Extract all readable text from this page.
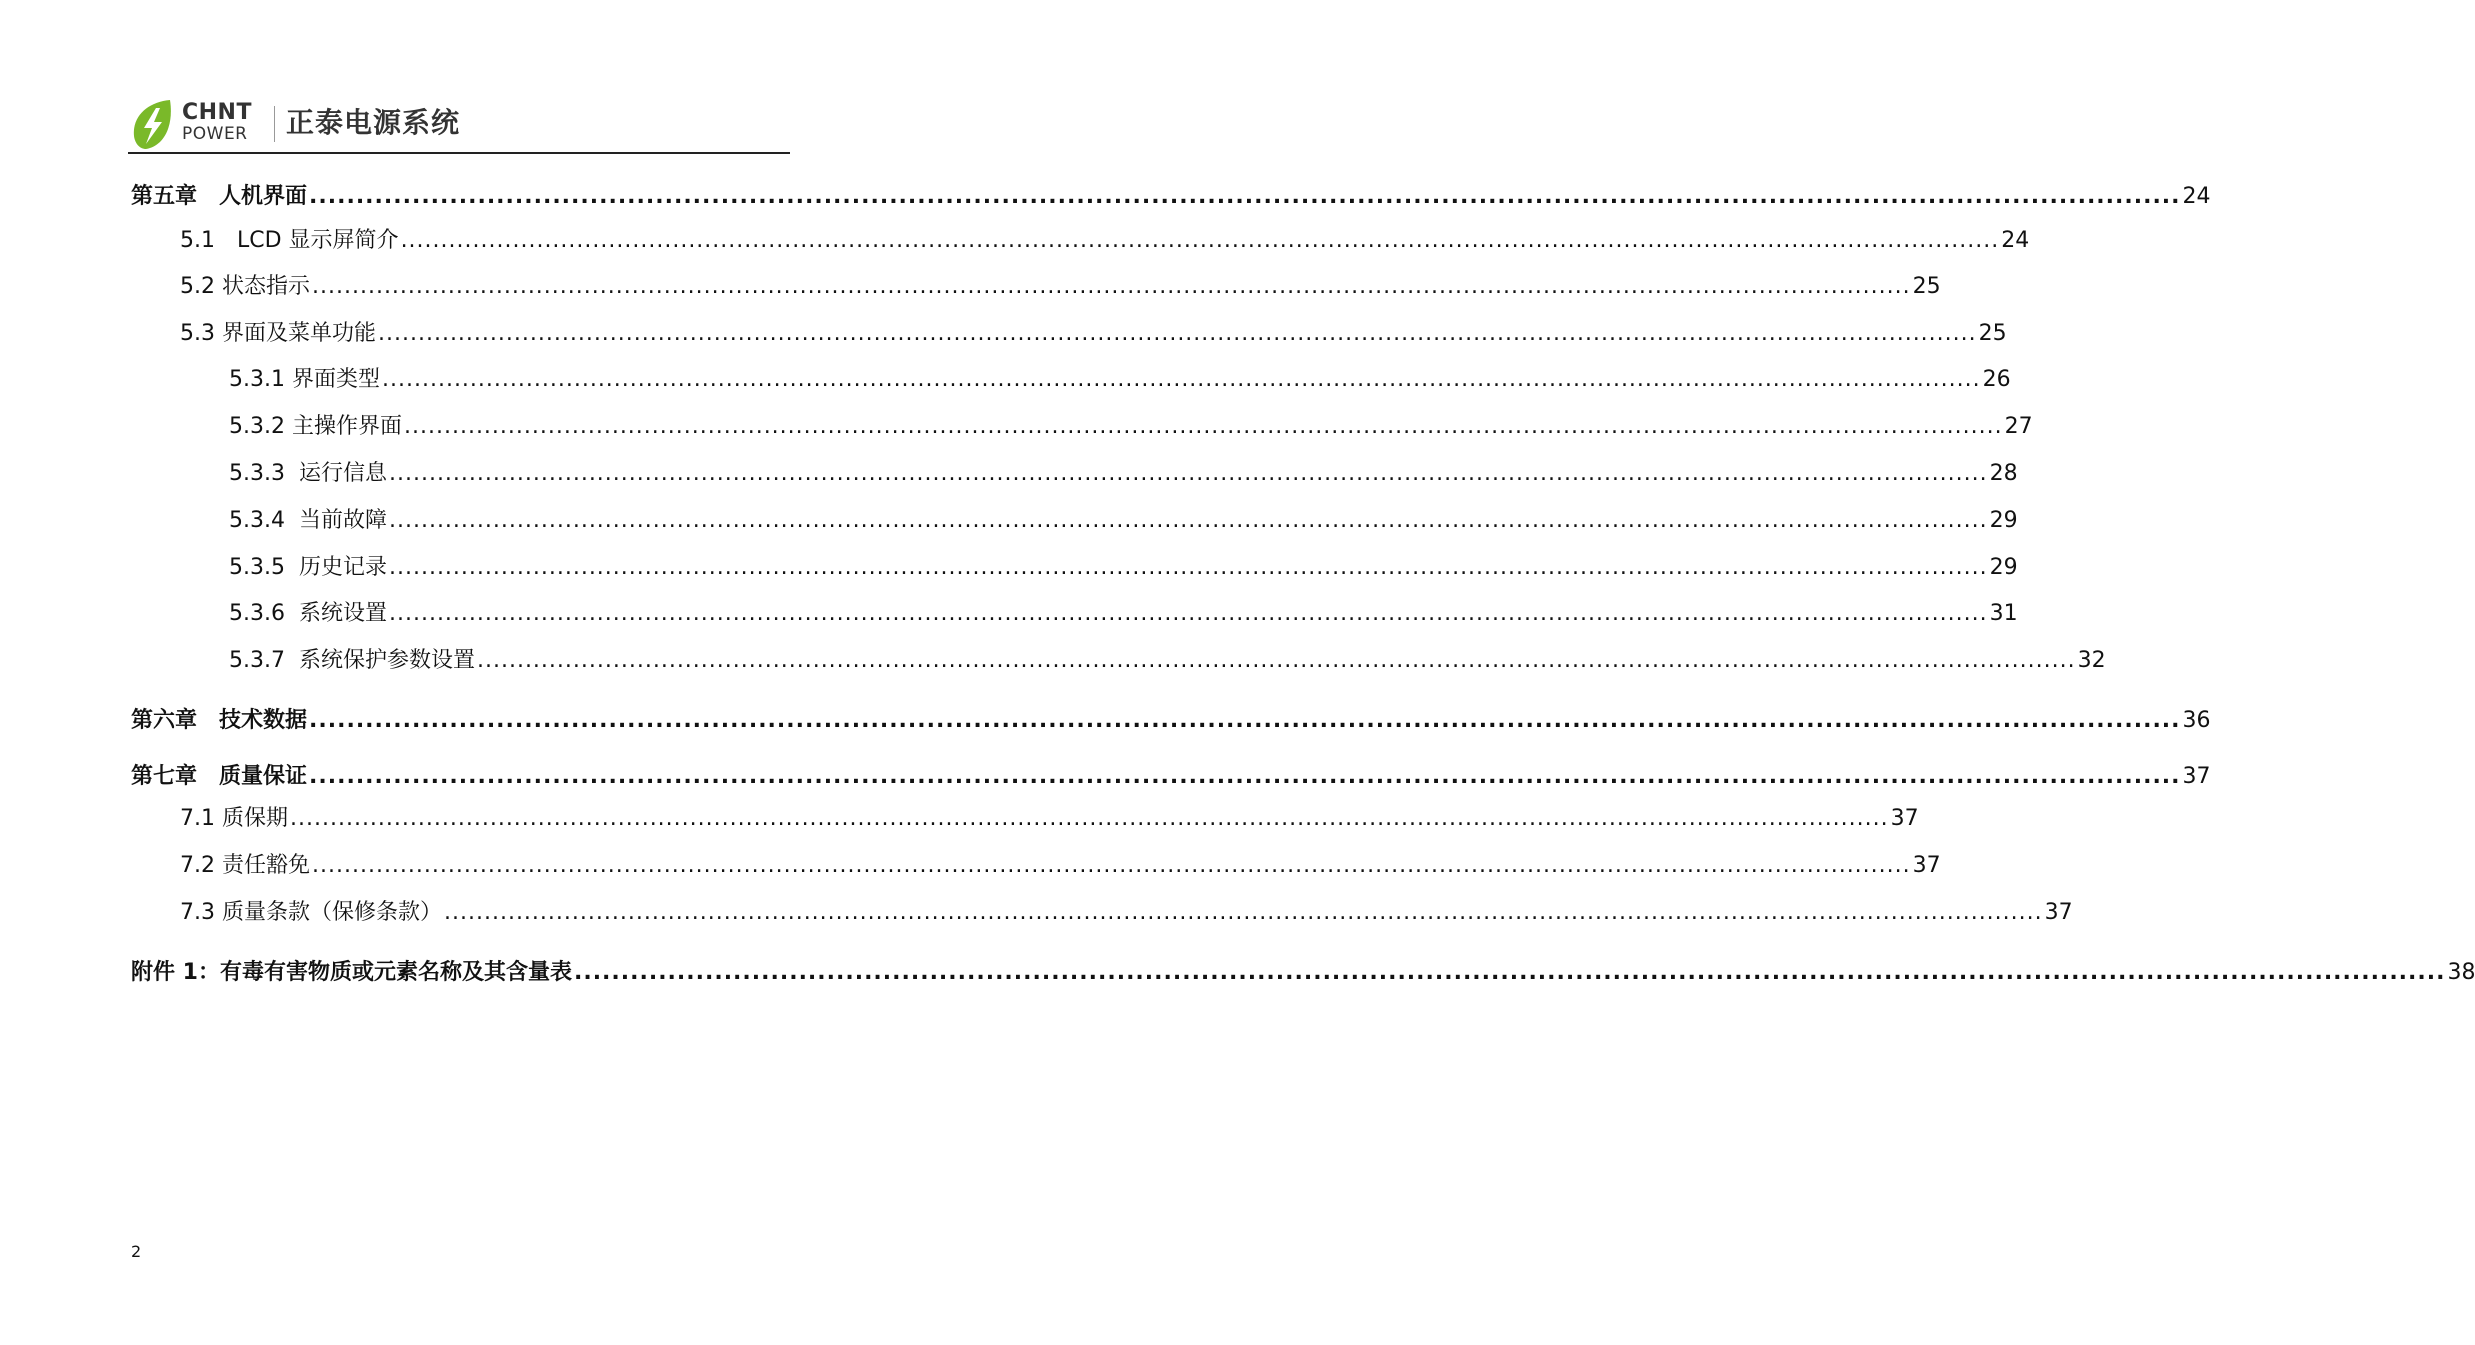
CHNT
POWER 正泰电源系统
第五章　 人机界面 ........................................................................................................................................................................................................ 24
5.1　 LCD 显示屏简介 ........................................................................................................................................................................................................ 24
5.2 状态指示 ........................................................................................................................................................................................................ 25
5.3 界面及菜单功能 ........................................................................................................................................................................................................ 25
5.3.1 界面类型 ........................................................................................................................................................................................................ 26
5.3.2 主操作界面 ........................................................................................................................................................................................................ 27
5.3.3 运行信息 ........................................................................................................................................................................................................ 28
5.3.4 当前故障 ........................................................................................................................................................................................................ 29
5.3.5 历史记录 ........................................................................................................................................................................................................ 29
5.3.6 系统设置 ........................................................................................................................................................................................................ 31
5.3.7 系统保护参数设置 ........................................................................................................................................................................................................ 32
第六章　 技术数据 ........................................................................................................................................................................................................ 36
第七章　 质量保证 ........................................................................................................................................................................................................ 37
7.1 质保期 ........................................................................................................................................................................................................ 37
7.2 责任豁免 ........................................................................................................................................................................................................ 37
7.3 质量条款（保修条款） ........................................................................................................................................................................................................ 37
附件 1： 有毒有害物质或元素名称及其含量表 ........................................................................................................................................................................................................ 38
2
